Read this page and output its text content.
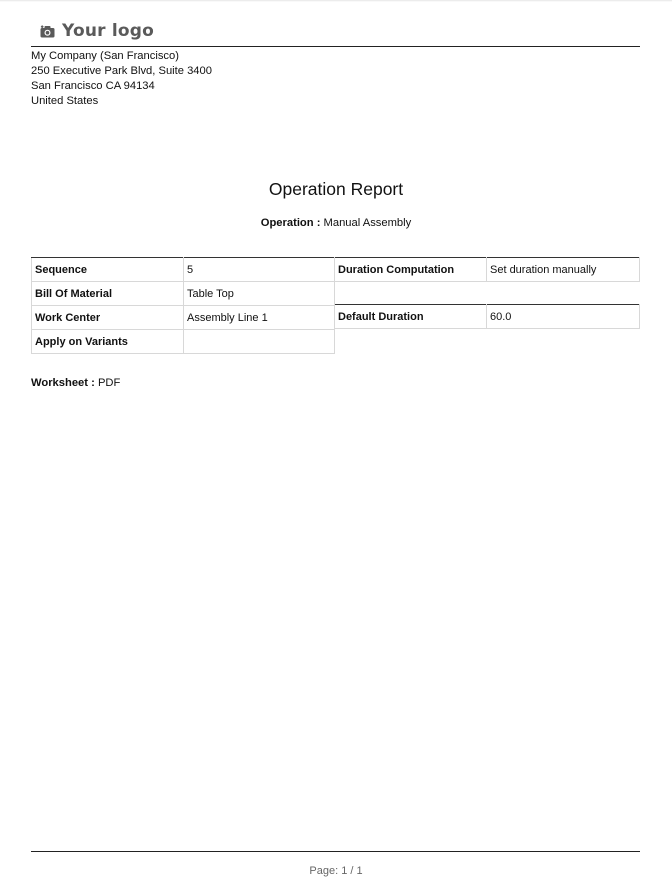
Your logo
My Company (San Francisco)
250 Executive Park Blvd, Suite 3400
San Francisco CA 94134
United States
Operation Report
Operation : Manual Assembly
Sequence	5
Bill Of Material	Table Top
Work Center	Assembly Line 1
Apply on Variants	
Duration Computation	Set duration manually
Default Duration	60.0
Worksheet : PDF
Page: 1 / 1
